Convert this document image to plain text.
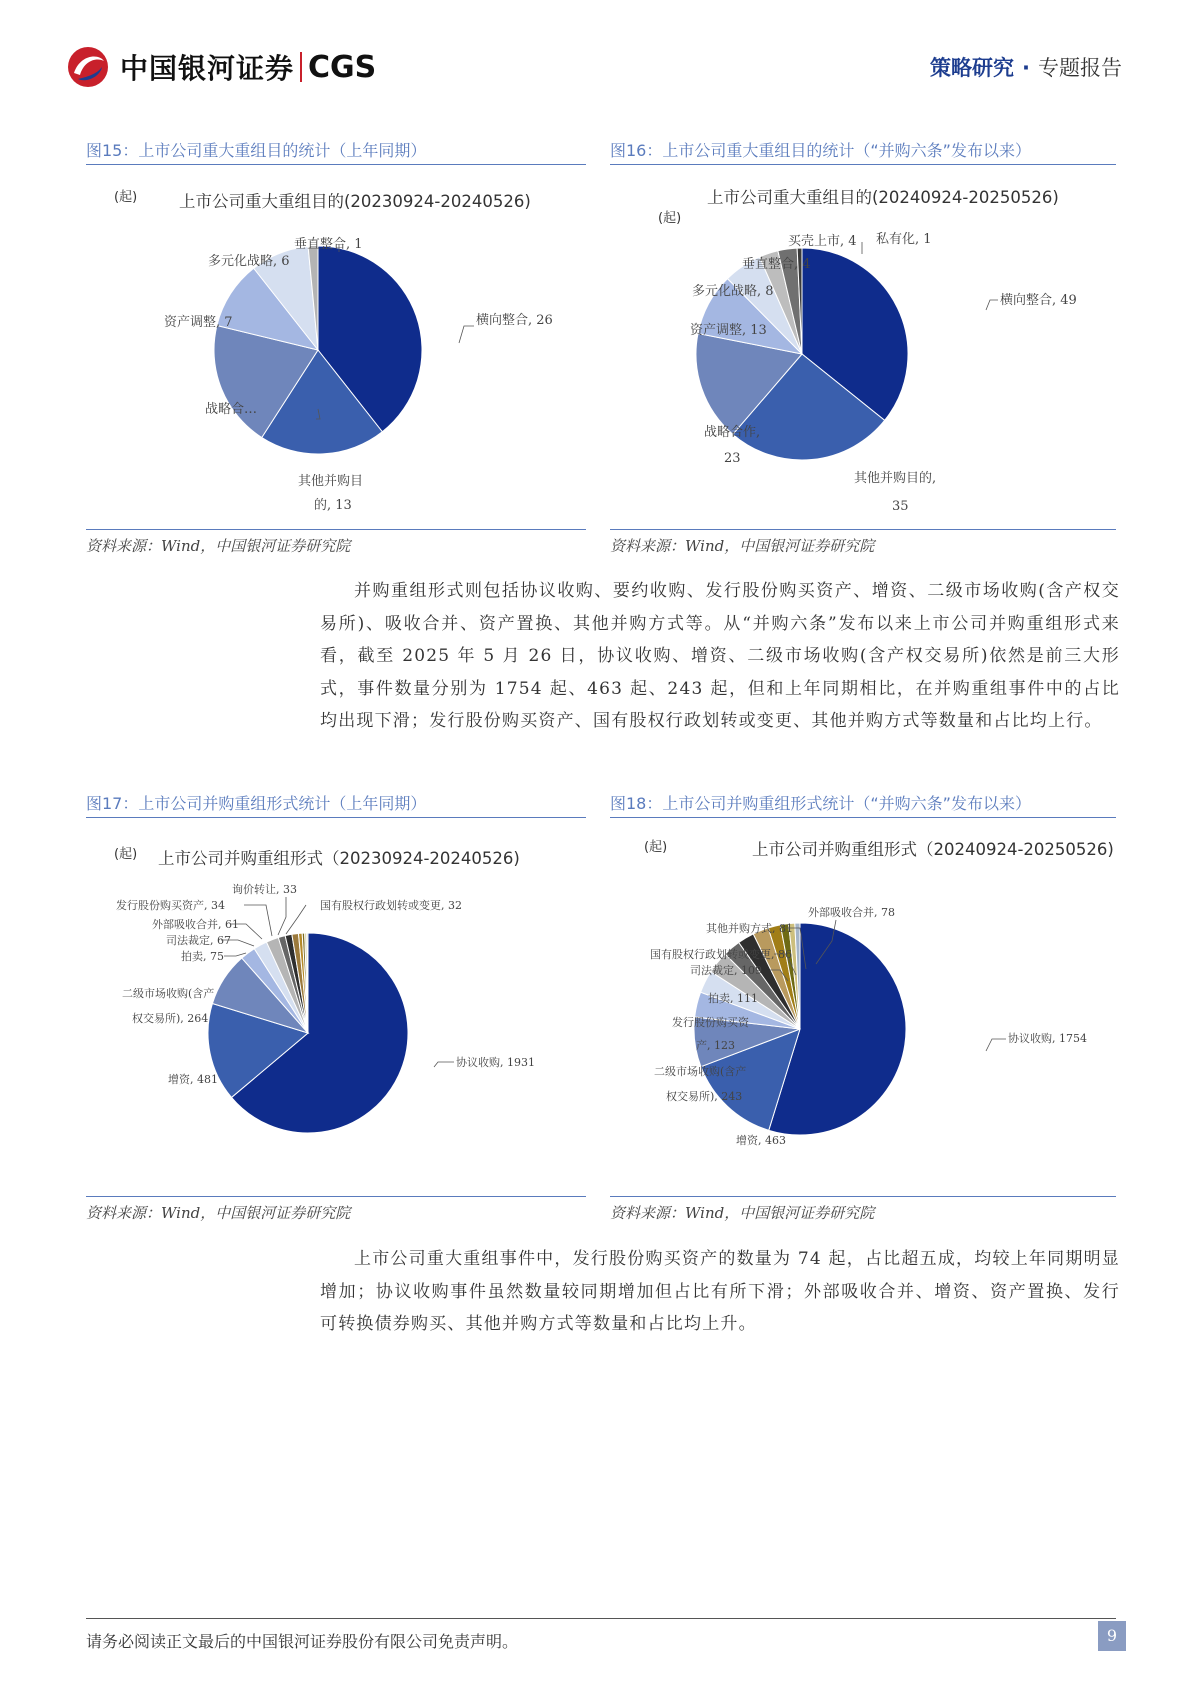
中国银河证券 CGS	策略研究 · 专题报告
图15：上市公司重大重组目的统计（上年同期）
(起)	上市公司重大重组目的(20230924-20240526)
横向整合, 26
其他并购目
的, 13
战略合…
资产调整, 7
多元化战略, 6
垂直整合, 1
资料来源：Wind，中国银河证券研究院
图16：上市公司重大重组目的统计（“并购六条”发布以来）
(起)
上市公司重大重组目的(20240924-20250526)
横向整合, 49
其他并购目的,
35
战略合作,
23
资产调整, 13
多元化战略, 8
垂直整合, 4
买壳上市, 4 私有化, 1
资料来源：Wind，中国银河证券研究院

并购重组形式则包括协议收购、要约收购、发行股份购买资产、增资、二级市场收购(含产权交易所)、吸收合并、资产置换、其他并购方式等。从“并购六条”发布以来上市公司并购重组形式来看，截至 2025 年 5 月 26 日，协议收购、增资、二级市场收购(含产权交易所)依然是前三大形式，事件数量分别为 1754 起、463 起、243 起，但和上年同期相比，在并购重组事件中的占比均出现下滑；发行股份购买资产、国有股权行政划转或变更、其他并购方式等数量和占比均上行。

图17：上市公司并购重组形式统计（上年同期）
(起) 上市公司并购重组形式（20230924-20240526)
协议收购, 1931
增资, 481
二级市场收购(含产
权交易所), 264
拍卖, 75
司法裁定, 67
外部吸收合并, 61
发行股份购买资产, 34
询价转让, 33
国有股权行政划转或变更, 32
资料来源：Wind，中国银河证券研究院
图18：上市公司并购重组形式统计（“并购六条”发布以来）
(起)	上市公司并购重组形式（20240924-20250526)
协议收购, 1754
增资, 463
二级市场收购(含产
权交易所), 243
发行股份购买资
产, 123
拍卖, 111
司法裁定, 109
国有股权行政划转或变更, 86
其他并购方式, 81
外部吸收合并, 78
资料来源：Wind，中国银河证券研究院

上市公司重大重组事件中，发行股份购买资产的数量为 74 起，占比超五成，均较上年同期明显增加；协议收购事件虽然数量较同期增加但占比有所下滑；外部吸收合并、增资、资产置换、发行可转换债券购买、其他并购方式等数量和占比均上升。

请务必阅读正文最后的中国银河证券股份有限公司免责声明。	9
